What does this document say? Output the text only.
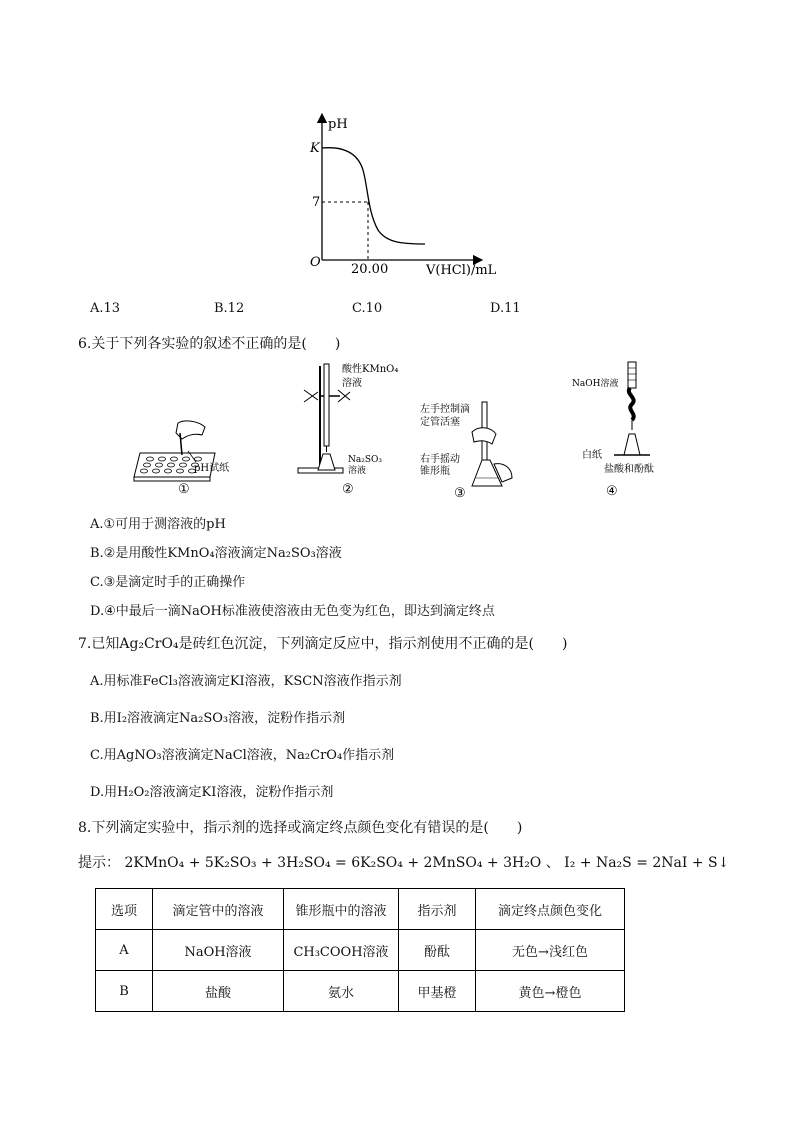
pH
K
7
O 20.00	V(HCl)/mL
A.13	B.12	C.10	D.11
6.关于下列各实验的叙述不正确的是(　　)
pH试纸
①
酸性KMnO₄
溶液
Na₂SO₃
溶液
②
左手控制滴
定管活塞
右手摇动
锥形瓶
③
NaOH溶液
白纸
盐酸和酚酞
④
A.①可用于测溶液的pH
B.②是用酸性KMnO₄溶液滴定Na₂SO₃溶液
C.③是滴定时手的正确操作
D.④中最后一滴NaOH标准液使溶液由无色变为红色，即达到滴定终点
7.已知Ag₂CrO₄是砖红色沉淀，下列滴定反应中，指示剂使用不正确的是(　　)
A.用标准FeCl₃溶液滴定KI溶液，KSCN溶液作指示剂
B.用I₂溶液滴定Na₂SO₃溶液，淀粉作指示剂
C.用AgNO₃溶液滴定NaCl溶液，Na₂CrO₄作指示剂
D.用H₂O₂溶液滴定KI溶液，淀粉作指示剂
8.下列滴定实验中，指示剂的选择或滴定终点颜色变化有错误的是(　　)
提示： 2KMnO₄ + 5K₂SO₃ + 3H₂SO₄ = 6K₂SO₄ + 2MnSO₄ + 3H₂O 、 I₂ + Na₂S = 2NaI + S↓
选项	滴定管中的溶液	锥形瓶中的溶液	指示剂	滴定终点颜色变化
A	NaOH溶液	CH₃COOH溶液	酚酞	无色→浅红色
B	盐酸	氨水	甲基橙	黄色→橙色
